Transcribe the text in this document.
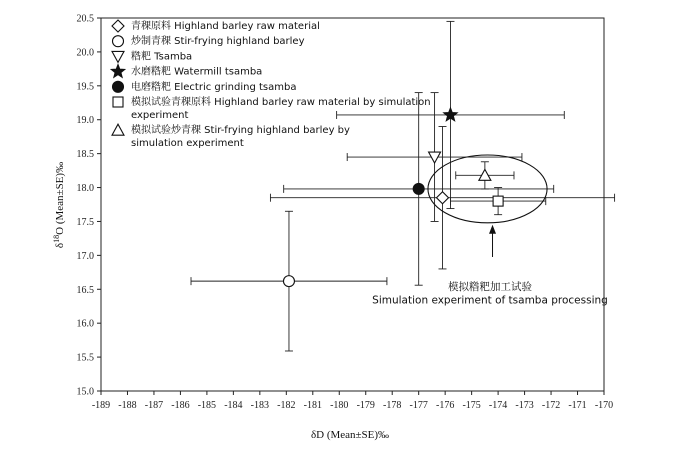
-189 -188 -187 -186 -185 -184 -183 -182 -181 -180 -179 -178 -177 -176 -175 -174 -173 -172 -171 -170
15.0
15.5
16.0
16.5
17.0
17.5
18.0
18.5
19.0
19.5
20.0
20.5
青稞原料 Highland barley raw material
炒制青稞 Stir-frying highland barley
糌粑 Tsamba
水磨糌粑 Watermill tsamba
电磨糌粑 Electric grinding tsamba
模拟试验青稞原料 Highland barley raw material by simulation
experiment
模拟试验炒青稞 Stir-frying highland barley by
simulation experiment
模拟糌粑加工试验
Simulation experiment of tsamba processing
δD (Mean±SE)‰
$\delta^{18}O$ (Mean±SE)‰
